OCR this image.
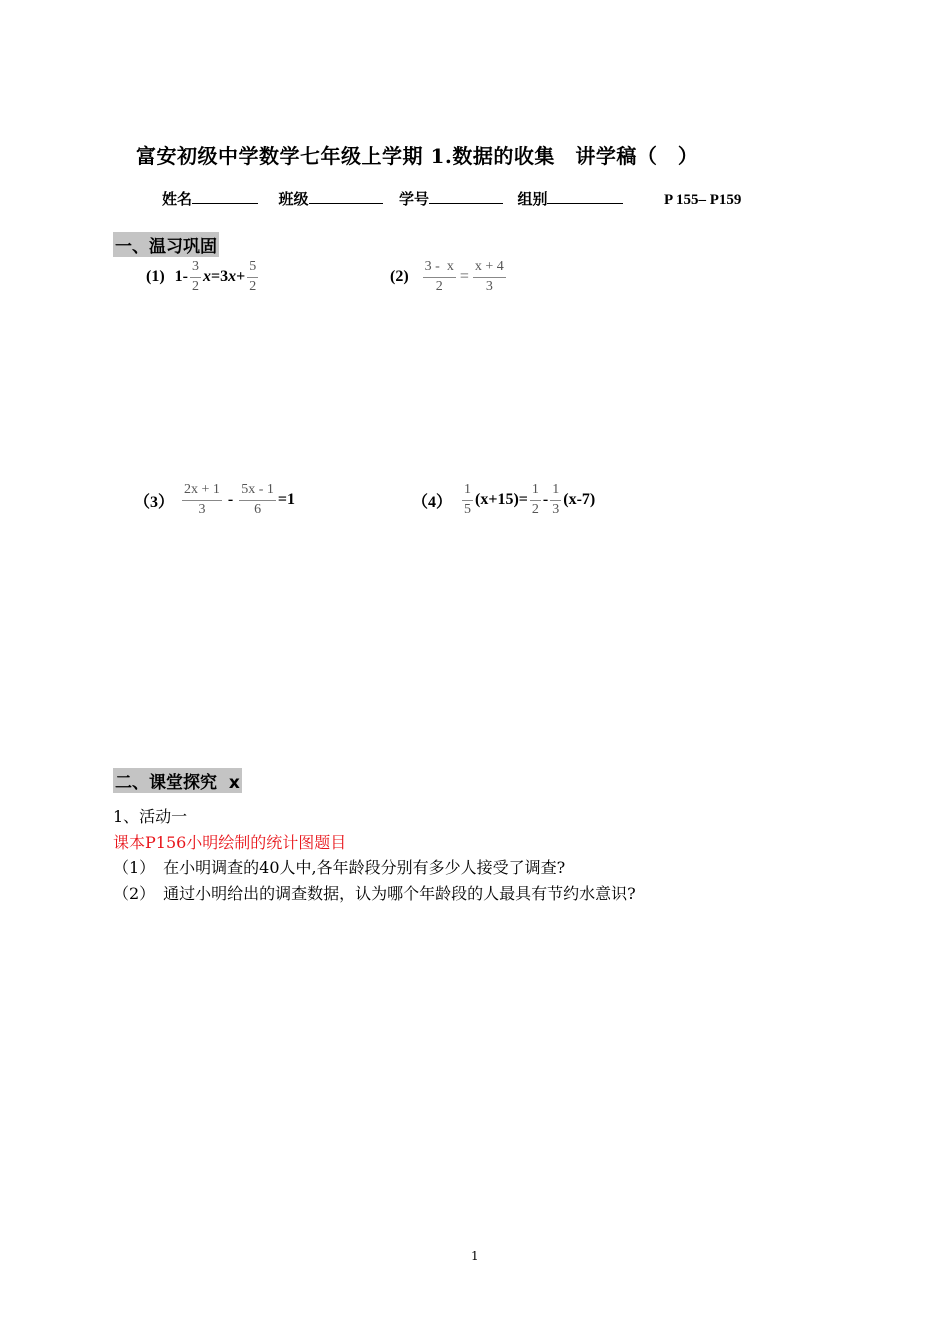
富安初级中学数学七年级上学期 1.数据的收集　讲学稿（　）
姓名	班级	学号	组别	P 155– P159
一、温习巩固
(1) $1- \frac{3}{2}$ x =3 $x + \frac{5}{2}$	$(2) \frac{3 - x}{2} = \frac{x + 4}{3}$
$(3) \frac{2x + 1}{3} - \frac{5x - 1}{6} =1$	$(4) \frac{1}{5} (x+15)= \frac{1}{2} - \frac{1}{3} (x-7)$
二、课堂探究  x
1、活动一
课本P156小明绘制的统计图题目
（1）　在小明调查的40人中,各年龄段分别有多少人接受了调查?
（2）　通过小明给出的调查数据，认为哪个年龄段的人最具有节约水意识?
1
